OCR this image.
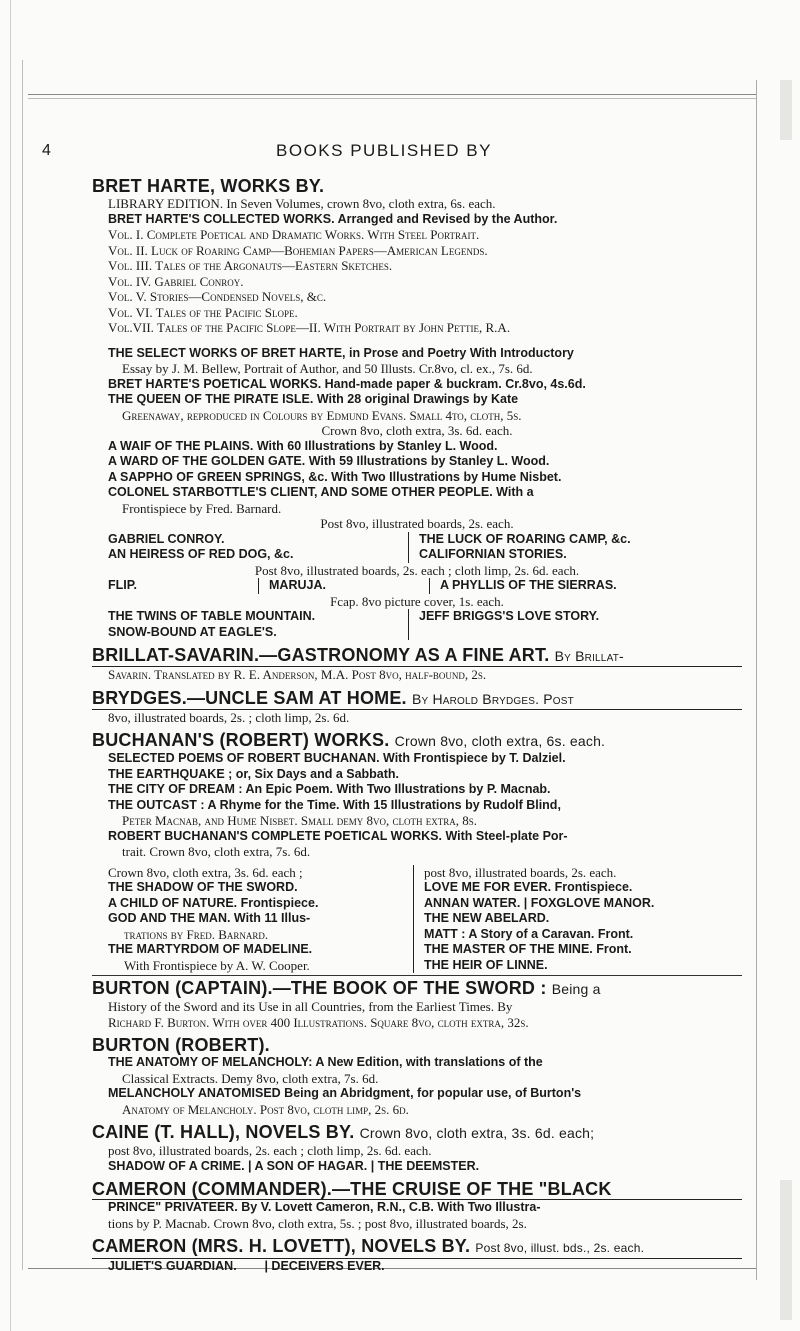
4	BOOKS PUBLISHED BY

BRET HARTE, WORKS BY.

LIBRARY EDITION. In Seven Volumes, crown 8vo, cloth extra, 6s. each.

BRET HARTE'S COLLECTED WORKS. Arranged and Revised by the Author.

Vol. I. Complete Poetical and Dramatic Works. With Steel Portrait.

Vol. II. Luck of Roaring Camp—Bohemian Papers—American Legends.

Vol. III. Tales of the Argonauts—Eastern Sketches.

Vol. IV. Gabriel Conroy.

Vol. V. Stories—Condensed Novels, &c.

Vol. VI. Tales of the Pacific Slope.

Vol.VII. Tales of the Pacific Slope—II. With Portrait by John Pettie, R.A.

THE SELECT WORKS OF BRET HARTE, in Prose and Poetry With Introductory

Essay by J. M. Bellew, Portrait of Author, and 50 Illusts. Cr.8vo, cl. ex., 7s. 6d.

BRET HARTE'S POETICAL WORKS. Hand-made paper & buckram. Cr.8vo, 4s.6d.

THE QUEEN OF THE PIRATE ISLE. With 28 original Drawings by Kate

Greenaway, reproduced in Colours by Edmund Evans. Small 4to, cloth, 5s.

Crown 8vo, cloth extra, 3s. 6d. each.

A WAIF OF THE PLAINS. With 60 Illustrations by Stanley L. Wood.

A WARD OF THE GOLDEN GATE. With 59 Illustrations by Stanley L. Wood.

A SAPPHO OF GREEN SPRINGS, &c. With Two Illustrations by Hume Nisbet.

COLONEL STARBOTTLE'S CLIENT, AND SOME OTHER PEOPLE. With a

Frontispiece by Fred. Barnard.

Post 8vo, illustrated boards, 2s. each.

GABRIEL CONROY.

AN HEIRESS OF RED DOG, &c.

THE LUCK OF ROARING CAMP, &c.

CALIFORNIAN STORIES.

Post 8vo, illustrated boards, 2s. each ; cloth limp, 2s. 6d. each.

FLIP.	MARUJA.	A PHYLLIS OF THE SIERRAS.

Fcap. 8vo picture cover, 1s. each.

THE TWINS OF TABLE MOUNTAIN.

SNOW-BOUND AT EAGLE'S.

JEFF BRIGGS'S LOVE STORY.

BRILLAT-SAVARIN.—GASTRONOMY AS A FINE ART. By Brillat-

Savarin. Translated by R. E. Anderson, M.A. Post 8vo, half-bound, 2s.

BRYDGES.—UNCLE SAM AT HOME. By Harold Brydges. Post

8vo, illustrated boards, 2s. ; cloth limp, 2s. 6d.

BUCHANAN'S (ROBERT) WORKS. Crown 8vo, cloth extra, 6s. each.

SELECTED POEMS OF ROBERT BUCHANAN. With Frontispiece by T. Dalziel.

THE EARTHQUAKE ; or, Six Days and a Sabbath.

THE CITY OF DREAM : An Epic Poem. With Two Illustrations by P. Macnab.

THE OUTCAST : A Rhyme for the Time. With 15 Illustrations by Rudolf Blind,

Peter Macnab, and Hume Nisbet. Small demy 8vo, cloth extra, 8s.

ROBERT BUCHANAN'S COMPLETE POETICAL WORKS. With Steel-plate Por-

trait. Crown 8vo, cloth extra, 7s. 6d.

Crown 8vo, cloth extra, 3s. 6d. each ;

THE SHADOW OF THE SWORD.

A CHILD OF NATURE. Frontispiece.

GOD AND THE MAN. With 11 Illus-

trations by Fred. Barnard.

THE MARTYRDOM OF MADELINE.

With Frontispiece by A. W. Cooper.

post 8vo, illustrated boards, 2s. each.

LOVE ME FOR EVER. Frontispiece.

ANNAN WATER. | FOXGLOVE MANOR.

THE NEW ABELARD.

MATT : A Story of a Caravan. Front.

THE MASTER OF THE MINE. Front.

THE HEIR OF LINNE.

BURTON (CAPTAIN).—THE BOOK OF THE SWORD : Being a

History of the Sword and its Use in all Countries, from the Earliest Times. By

Richard F. Burton. With over 400 Illustrations. Square 8vo, cloth extra, 32s.

BURTON (ROBERT).

THE ANATOMY OF MELANCHOLY: A New Edition, with translations of the

Classical Extracts. Demy 8vo, cloth extra, 7s. 6d.

MELANCHOLY ANATOMISED Being an Abridgment, for popular use, of Burton's

Anatomy of Melancholy. Post 8vo, cloth limp, 2s. 6d.

CAINE (T. HALL), NOVELS BY. Crown 8vo, cloth extra, 3s. 6d. each;

post 8vo, illustrated boards, 2s. each ; cloth limp, 2s. 6d. each.

SHADOW OF A CRIME. | A SON OF HAGAR. | THE DEEMSTER.

CAMERON (COMMANDER).—THE CRUISE OF THE "BLACK

PRINCE" PRIVATEER. By V. Lovett Cameron, R.N., C.B. With Two Illustra-

tions by P. Macnab. Crown 8vo, cloth extra, 5s. ; post 8vo, illustrated boards, 2s.

CAMERON (MRS. H. LOVETT), NOVELS BY. Post 8vo, illust. bds., 2s. each.

JULIET'S GUARDIAN.        | DECEIVERS EVER.
